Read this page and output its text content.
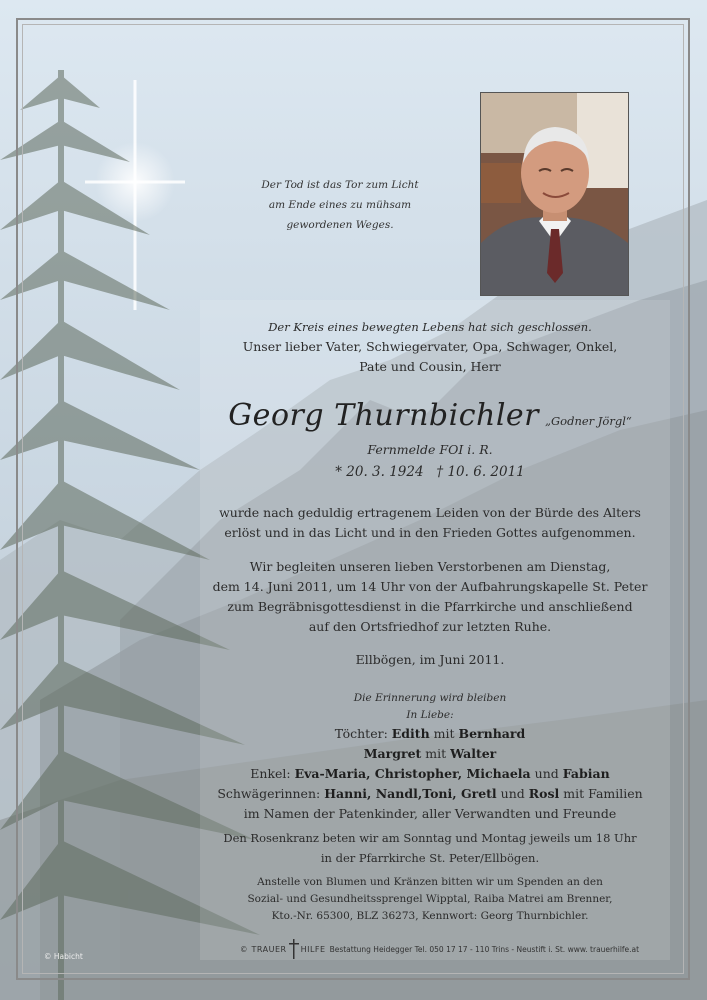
Der Tod ist das Tor zum Licht
am Ende eines zu mühsam
gewordenen Weges.

Der Kreis eines bewegten Lebens hat sich geschlossen.

Unser lieber Vater, Schwiegervater, Opa, Schwager, Onkel,

Pate und Cousin, Herr

Georg Thurnbichler „Godner Jörgl“

Fernmelde FOI i. R.

* 20. 3. 1924   † 10. 6. 2011

wurde nach geduldig ertragenem Leiden von der Bürde des Alters

erlöst und in das Licht und in den Frieden Gottes aufgenommen.

Wir begleiten unseren lieben Verstorbenen am Dienstag,

dem 14. Juni 2011, um 14 Uhr von der Aufbahrungskapelle St. Peter

zum Begräbnisgottesdienst in die Pfarrkirche und anschließend

auf den Ortsfriedhof zur letzten Ruhe.

Ellbögen, im Juni 2011.

Die Erinnerung wird bleiben

In Liebe:

Töchter: Edith mit Bernhard

Margret mit Walter

Enkel: Eva-Maria, Christopher, Michaela und Fabian

Schwägerinnen: Hanni, Nandl,Toni, Gretl und Rosl mit Familien

im Namen der Patenkinder, aller Verwandten und Freunde

Den Rosenkranz beten wir am Sonntag und Montag jeweils um 18 Uhr

in der Pfarrkirche St. Peter/Ellbögen.

Anstelle von Blumen und Kränzen bitten wir um Spenden an den

Sozial- und Gesundheitssprengel Wipptal, Raiba Matrei am Brenner,

Kto.-Nr. 65300, BLZ 36273, Kennwort: Georg Thurnbichler.

© TRAUER HILFE Bestattung Heidegger Tel. 050 17 17 - 110 Trins - Neustift i. St. www. trauerhilfe.at
© Habicht
